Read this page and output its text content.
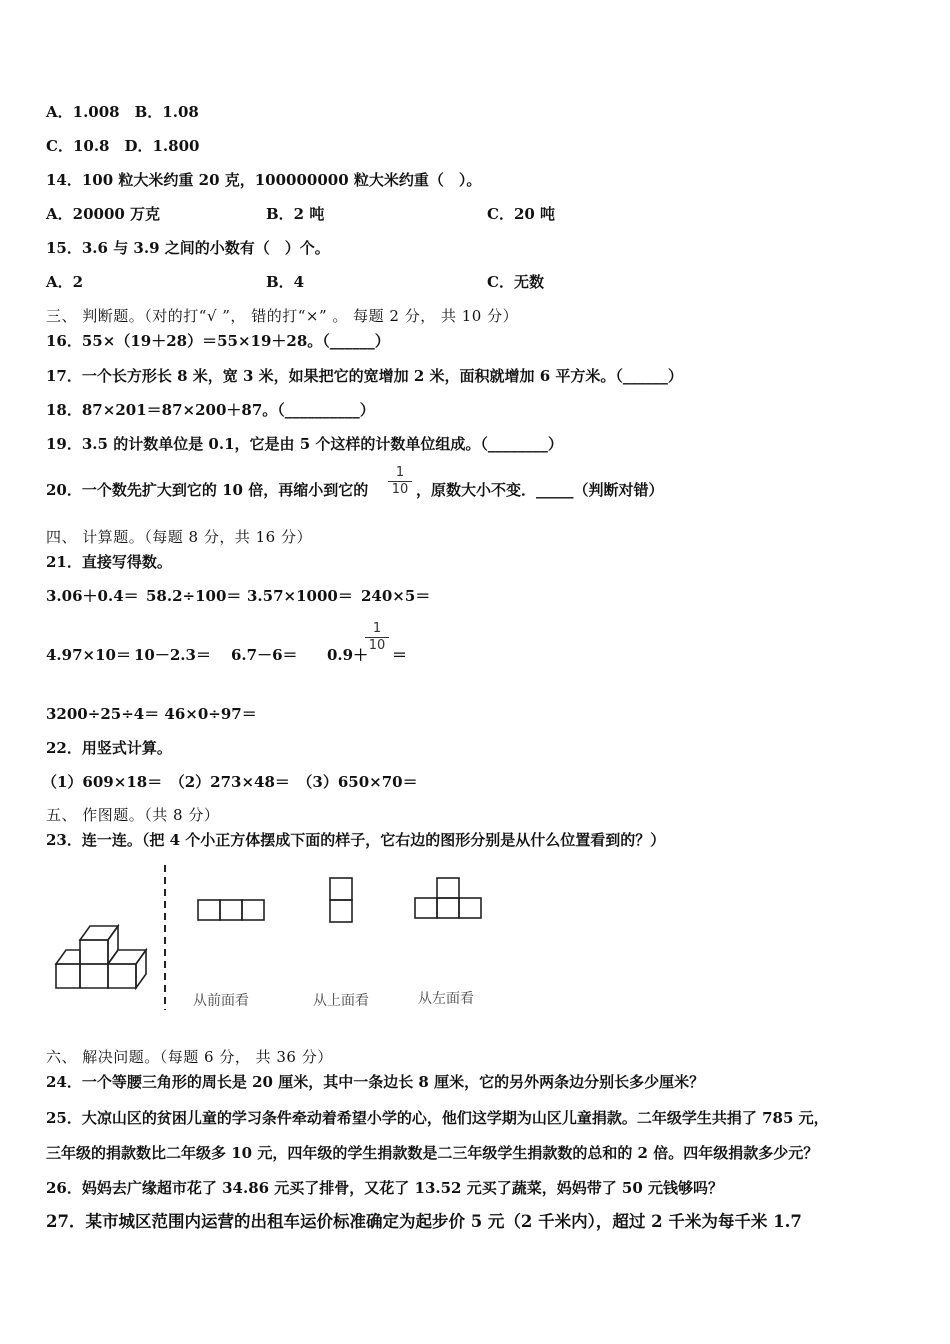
A．1.008　B．1.08
C．10.8　D．1.800
14．100 粒大米约重 20 克，100000000 粒大米约重（　）。
A．20000 万克	B．2 吨	C．20 吨
15．3.6 与 3.9 之间的小数有（　）个。
A．2	B．4	C．无数
三、 判断题。（对的打“√ ”， 错的打“×” 。 每题 2 分， 共 10 分）
16．55×（19＋28）＝55×19＋28。（______）
17．一个长方形长 8 米，宽 3 米，如果把它的宽增加 2 米，面积就增加 6 平方米。（______）
18．87×201＝87×200＋87。（__________）
19．3.5 的计数单位是 0.1，它是由 5 个这样的计数单位组成。（________）
20．一个数先扩大到它的 10 倍，再缩小到它的
1
10 ，原数大小不变．_____（判断对错）
四、 计算题。（每题 8 分，共 16 分）
21．直接写得数。
3.06＋0.4＝ 58.2÷100＝ 3.57×1000＝ 240×5＝
4.97×10＝ 10－2.3＝ 6.7－6＝ 0.9＋
1
10
＝
3200÷25÷4＝ 46×0÷97＝
22．用竖式计算。
（1）609×18＝　（2）273×48＝　（3）650×70＝
五、 作图题。（共 8 分）
23．连一连。（把 4 个小正方体摆成下面的样子，它右边的图形分别是从什么位置看到的？）
从前面看	从上面看	从左面看
六、 解决问题。（每题 6 分， 共 36 分）
24．一个等腰三角形的周长是 20 厘米，其中一条边长 8 厘米，它的另外两条边分别长多少厘米？
25．大凉山区的贫困儿童的学习条件牵动着希望小学的心，他们这学期为山区儿童捐款。二年级学生共捐了 785 元，
三年级的捐款数比二年级多 10 元，四年级的学生捐款数是二三年级学生捐款数的总和的 2 倍。四年级捐款多少元？
26．妈妈去广缘超市花了 34.86 元买了排骨，又花了 13.52 元买了蔬菜，妈妈带了 50 元钱够吗？
27．某市城区范围内运营的出租车运价标准确定为起步价 5 元（2 千米内），超过 2 千米为每千米 1.7
